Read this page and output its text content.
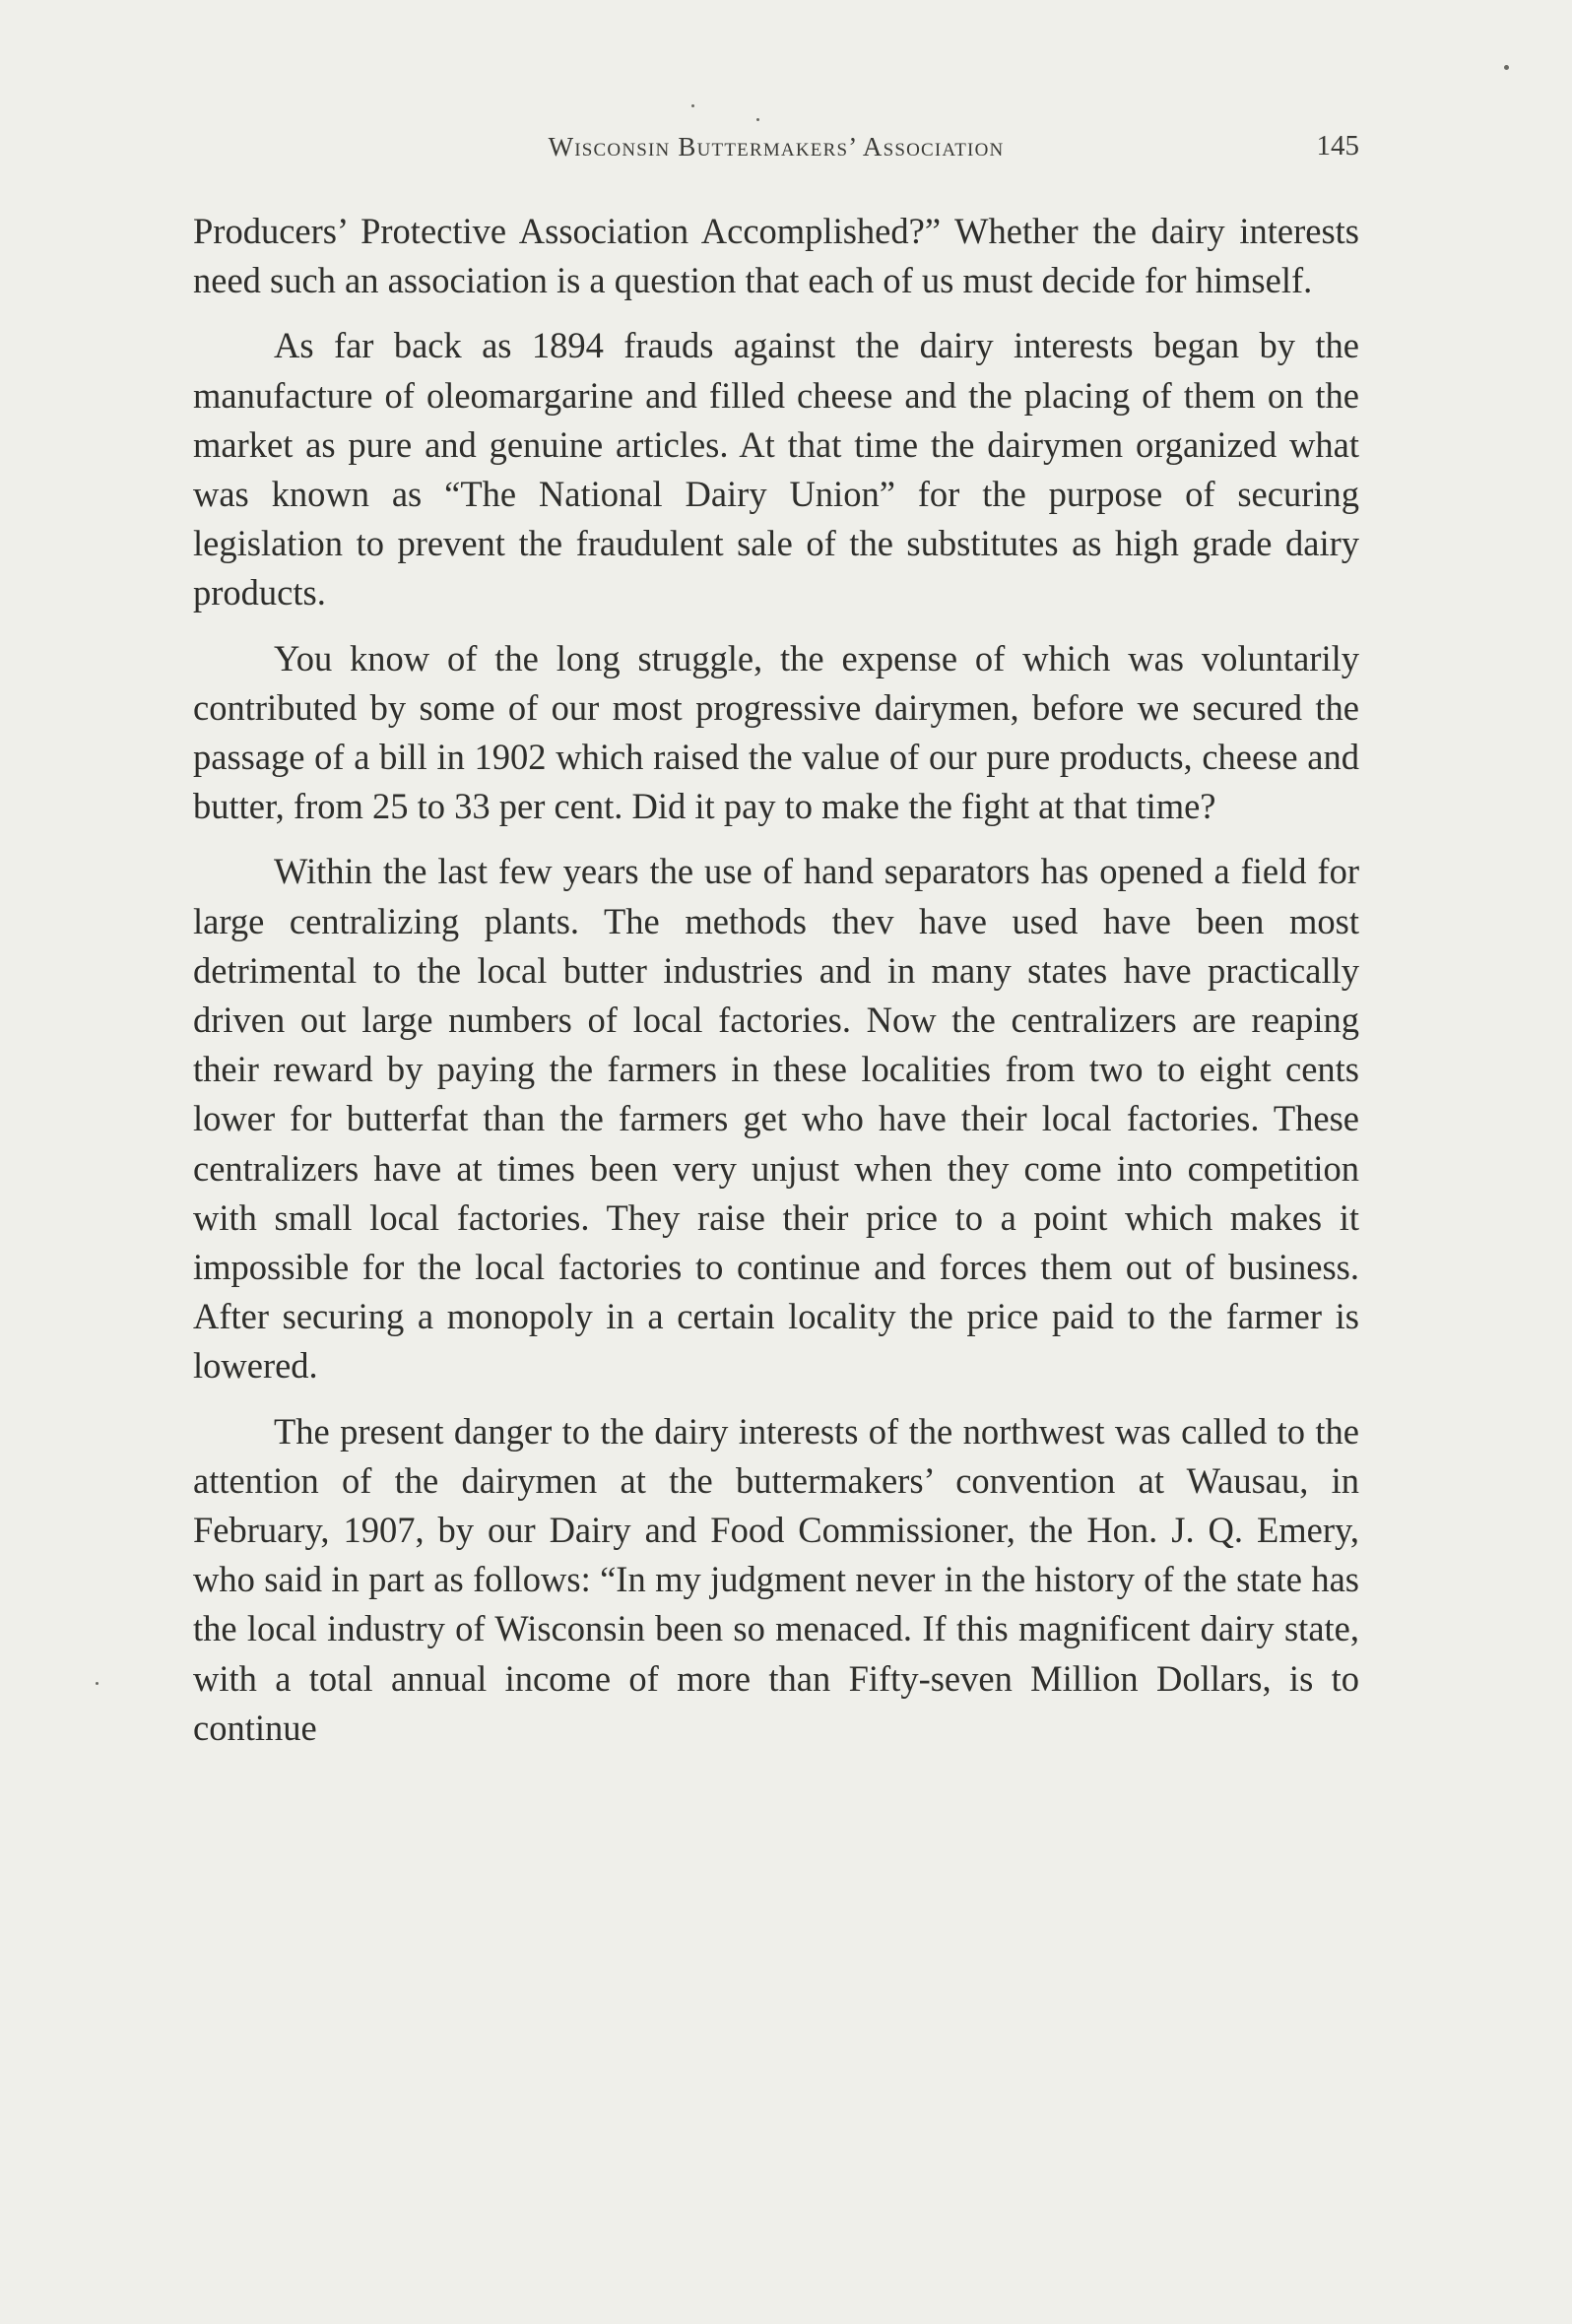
Wisconsin Buttermakers’ Association	145

Producers’ Protective Association Accomplished?” Whether the dairy interests need such an association is a question that each of us must decide for himself.

As far back as 1894 frauds against the dairy interests began by the manufacture of oleomargarine and filled cheese and the placing of them on the market as pure and genuine articles. At that time the dairymen organized what was known as “The National Dairy Union” for the purpose of securing legislation to prevent the fraudulent sale of the substitutes as high grade dairy products.

You know of the long struggle, the expense of which was voluntarily contributed by some of our most progressive dairymen, before we secured the passage of a bill in 1902 which raised the value of our pure products, cheese and butter, from 25 to 33 per cent. Did it pay to make the fight at that time?

Within the last few years the use of hand separators has opened a field for large centralizing plants. The methods thev have used have been most detrimental to the local butter industries and in many states have practically driven out large numbers of local factories. Now the centralizers are reaping their reward by paying the farmers in these localities from two to eight cents lower for butterfat than the farmers get who have their local factories. These centralizers have at times been very unjust when they come into competition with small local factories. They raise their price to a point which makes it impossible for the local factories to continue and forces them out of business. After securing a monopoly in a certain locality the price paid to the farmer is lowered.

The present danger to the dairy interests of the northwest was called to the attention of the dairymen at the buttermakers’ convention at Wausau, in February, 1907, by our Dairy and Food Commissioner, the Hon. J. Q. Emery, who said in part as follows: “In my judgment never in the history of the state has the local industry of Wisconsin been so menaced. If this magnificent dairy state, with a total annual income of more than Fifty-seven Million Dollars, is to continue
